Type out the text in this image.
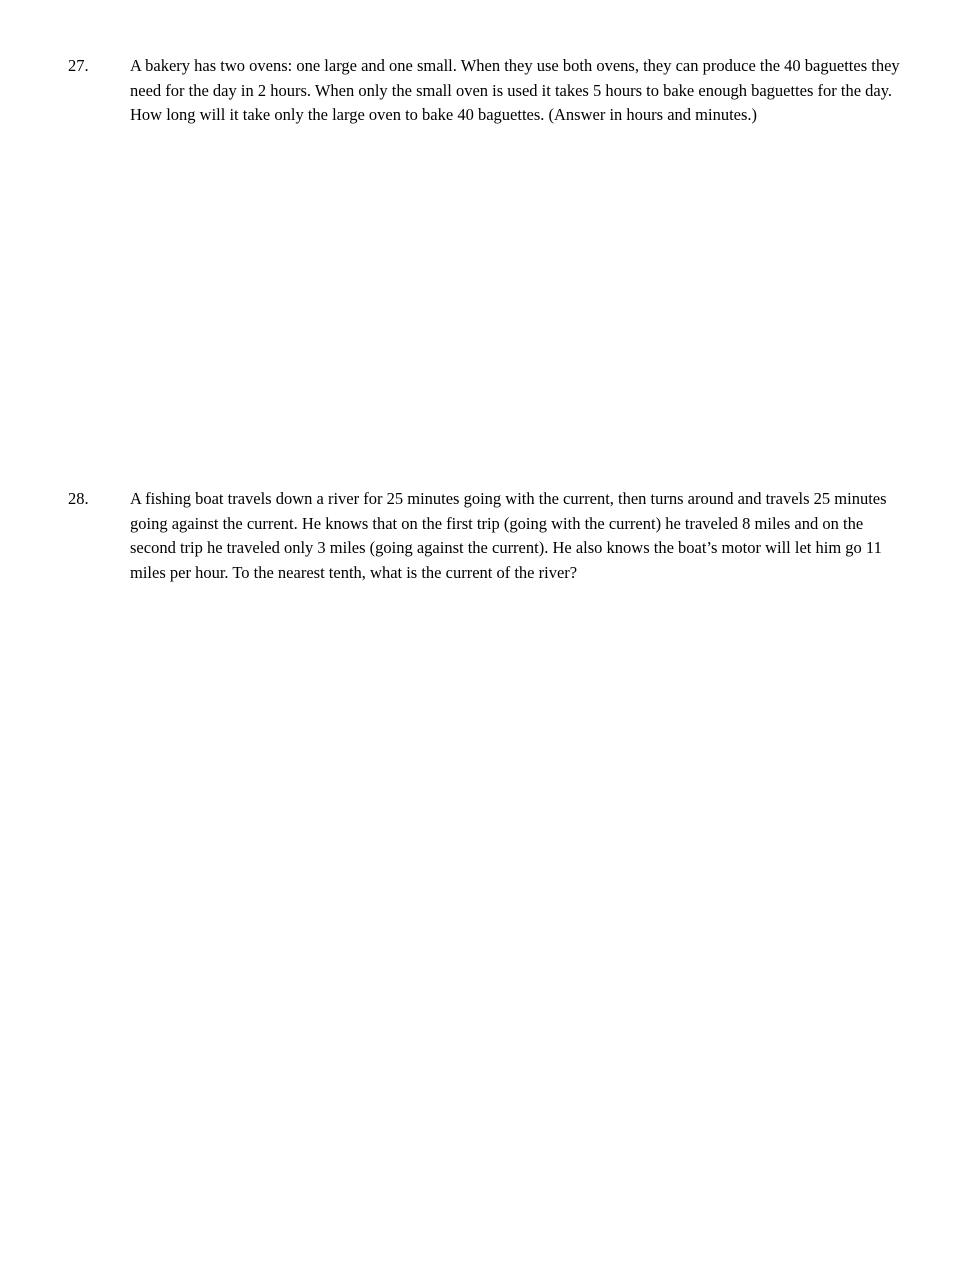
27.	A bakery has two ovens: one large and one small. When they use both ovens, they can produce the 40 baguettes they need for the day in 2 hours. When only the small oven is used it takes 5 hours to bake enough baguettes for the day. How long will it take only the large oven to bake 40 baguettes. (Answer in hours and minutes.)
28.	A fishing boat travels down a river for 25 minutes going with the current, then turns around and travels 25 minutes going against the current. He knows that on the first trip (going with the current) he traveled 8 miles and on the second trip he traveled only 3 miles (going against the current). He also knows the boat’s motor will let him go 11 miles per hour. To the nearest tenth, what is the current of the river?
